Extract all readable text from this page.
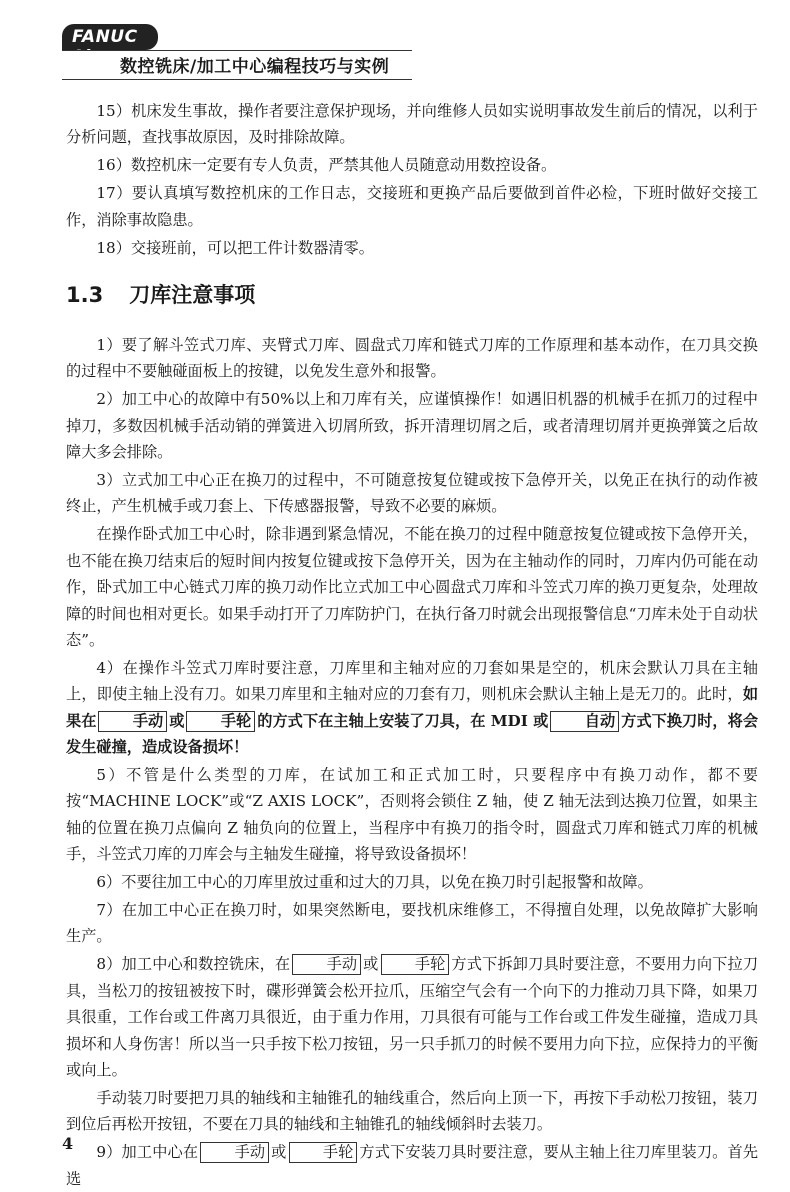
FANUC 0i	数控铣床/加工中心编程技巧与实例

15）机床发生事故，操作者要注意保护现场，并向维修人员如实说明事故发生前后的情况，以利于分析问题，查找事故原因，及时排除故障。

16）数控机床一定要有专人负责，严禁其他人员随意动用数控设备。

17）要认真填写数控机床的工作日志，交接班和更换产品后要做到首件必检，下班时做好交接工作，消除事故隐患。

18）交接班前，可以把工件计数器清零。

1.3 刀库注意事项

1）要了解斗笠式刀库、夹臂式刀库、圆盘式刀库和链式刀库的工作原理和基本动作，在刀具交换的过程中不要触碰面板上的按键，以免发生意外和报警。

2）加工中心的故障中有50%以上和刀库有关，应谨慎操作！如遇旧机器的机械手在抓刀的过程中掉刀，多数因机械手活动销的弹簧进入切屑所致，拆开清理切屑之后，或者清理切屑并更换弹簧之后故障大多会排除。

3）立式加工中心正在换刀的过程中，不可随意按复位键或按下急停开关，以免正在执行的动作被终止，产生机械手或刀套上、下传感器报警，导致不必要的麻烦。

在操作卧式加工中心时，除非遇到紧急情况，不能在换刀的过程中随意按复位键或按下急停开关，也不能在换刀结束后的短时间内按复位键或按下急停开关，因为在主轴动作的同时，刀库内仍可能在动作，卧式加工中心链式刀库的换刀动作比立式加工中心圆盘式刀库和斗笠式刀库的换刀更复杂，处理故障的时间也相对更长。如果手动打开了刀库防护门，在执行备刀时就会出现报警信息“刀库未处于自动状态”。

4）在操作斗笠式刀库时要注意，刀库里和主轴对应的刀套如果是空的，机床会默认刀具在主轴上，即使主轴上没有刀。如果刀库里和主轴对应的刀套有刀，则机床会默认主轴上是无刀的。此时，如果在 手动 或 手轮 的方式下在主轴上安装了刀具，在 MDI 或 自动 方式下换刀时，将会发生碰撞，造成设备损坏！

5）不管是什么类型的刀库，在试加工和正式加工时，只要程序中有换刀动作，都不要按“MACHINE LOCK”或“Z AXIS LOCK”，否则将会锁住 Z 轴，使 Z 轴无法到达换刀位置，如果主轴的位置在换刀点偏向 Z 轴负向的位置上，当程序中有换刀的指令时，圆盘式刀库和链式刀库的机械手，斗笠式刀库的刀库会与主轴发生碰撞，将导致设备损坏！

6）不要往加工中心的刀库里放过重和过大的刀具，以免在换刀时引起报警和故障。

7）在加工中心正在换刀时，如果突然断电，要找机床维修工，不得擅自处理，以免故障扩大影响生产。

8）加工中心和数控铣床，在 手动 或 手轮 方式下拆卸刀具时要注意，不要用力向下拉刀具，当松刀的按钮被按下时，碟形弹簧会松开拉爪，压缩空气会有一个向下的力推动刀具下降，如果刀具很重，工作台或工件离刀具很近，由于重力作用，刀具很有可能与工作台或工件发生碰撞，造成刀具损坏和人身伤害！所以当一只手按下松刀按钮，另一只手抓刀的时候不要用力向下拉，应保持力的平衡或向上。

手动装刀时要把刀具的轴线和主轴锥孔的轴线重合，然后向上顶一下，再按下手动松刀按钮，装刀到位后再松开按钮，不要在刀具的轴线和主轴锥孔的轴线倾斜时去装刀。

9）加工中心在 手动 或 手轮 方式下安装刀具时要注意，要从主轴上往刀库里装刀。首先选

4
